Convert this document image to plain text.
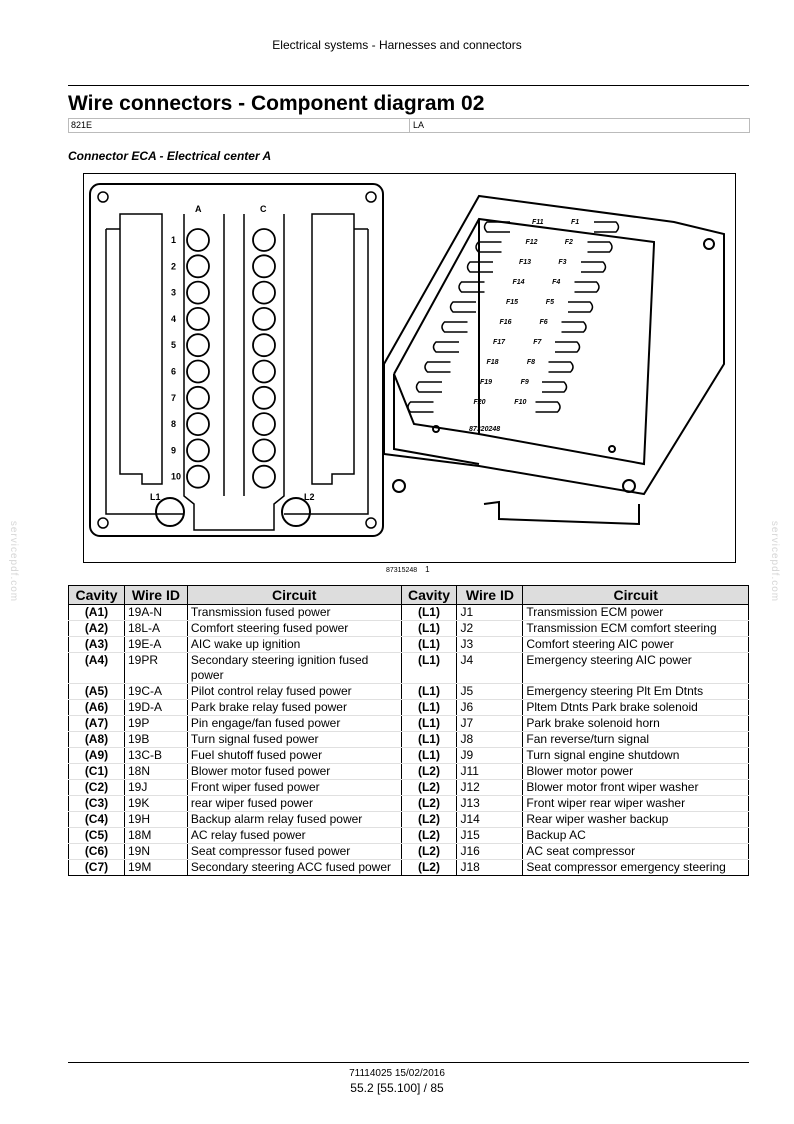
Electrical systems - Harnesses and connectors
Wire connectors - Component diagram 02
821E	LA
Connector ECA - Electrical center A
1
2
3
4
5
6
7
8
9
10
A	C
L1	L2
F11	F1
F12	F2
F13	F3
F14	F4
F15	F5
F16	F6
F17	F7
F18	F8
F19	F9
F20	F10
87320248
87315248 1
Cavity	Wire ID	Circuit	Cavity	Wire ID	Circuit
(A1)	19A-N	Transmission fused power	(L1)	J1	Transmission ECM power
(A2)	18L-A	Comfort steering fused power	(L1)	J2	Transmission ECM comfort steering
(A3)	19E-A	AIC wake up ignition	(L1)	J3	Comfort steering AIC power
(A4)	19PR	Secondary steering ignition fused power	(L1)	J4	Emergency steering AIC power
(A5)	19C-A	Pilot control relay fused power	(L1)	J5	Emergency steering Plt Em Dtnts
(A6)	19D-A	Park brake relay fused power	(L1)	J6	Pltem Dtnts Park brake solenoid
(A7)	19P	Pin engage/fan fused power	(L1)	J7	Park brake solenoid horn
(A8)	19B	Turn signal fused power	(L1)	J8	Fan reverse/turn signal
(A9)	13C-B	Fuel shutoff fused power	(L1)	J9	Turn signal engine shutdown
(C1)	18N	Blower motor fused power	(L2)	J11	Blower motor power
(C2)	19J	Front wiper fused power	(L2)	J12	Blower motor front wiper washer
(C3)	19K	rear wiper fused power	(L2)	J13	Front wiper rear wiper washer
(C4)	19H	Backup alarm relay fused power	(L2)	J14	Rear wiper washer backup
(C5)	18M	AC relay fused power	(L2)	J15	Backup AC
(C6)	19N	Seat compressor fused power	(L2)	J16	AC seat compressor
(C7)	19M	Secondary steering ACC fused power	(L2)	J18	Seat compressor emergency steering
servicepdf.com	servicepdf.com
71114025 15/02/2016
55.2 [55.100] / 85
